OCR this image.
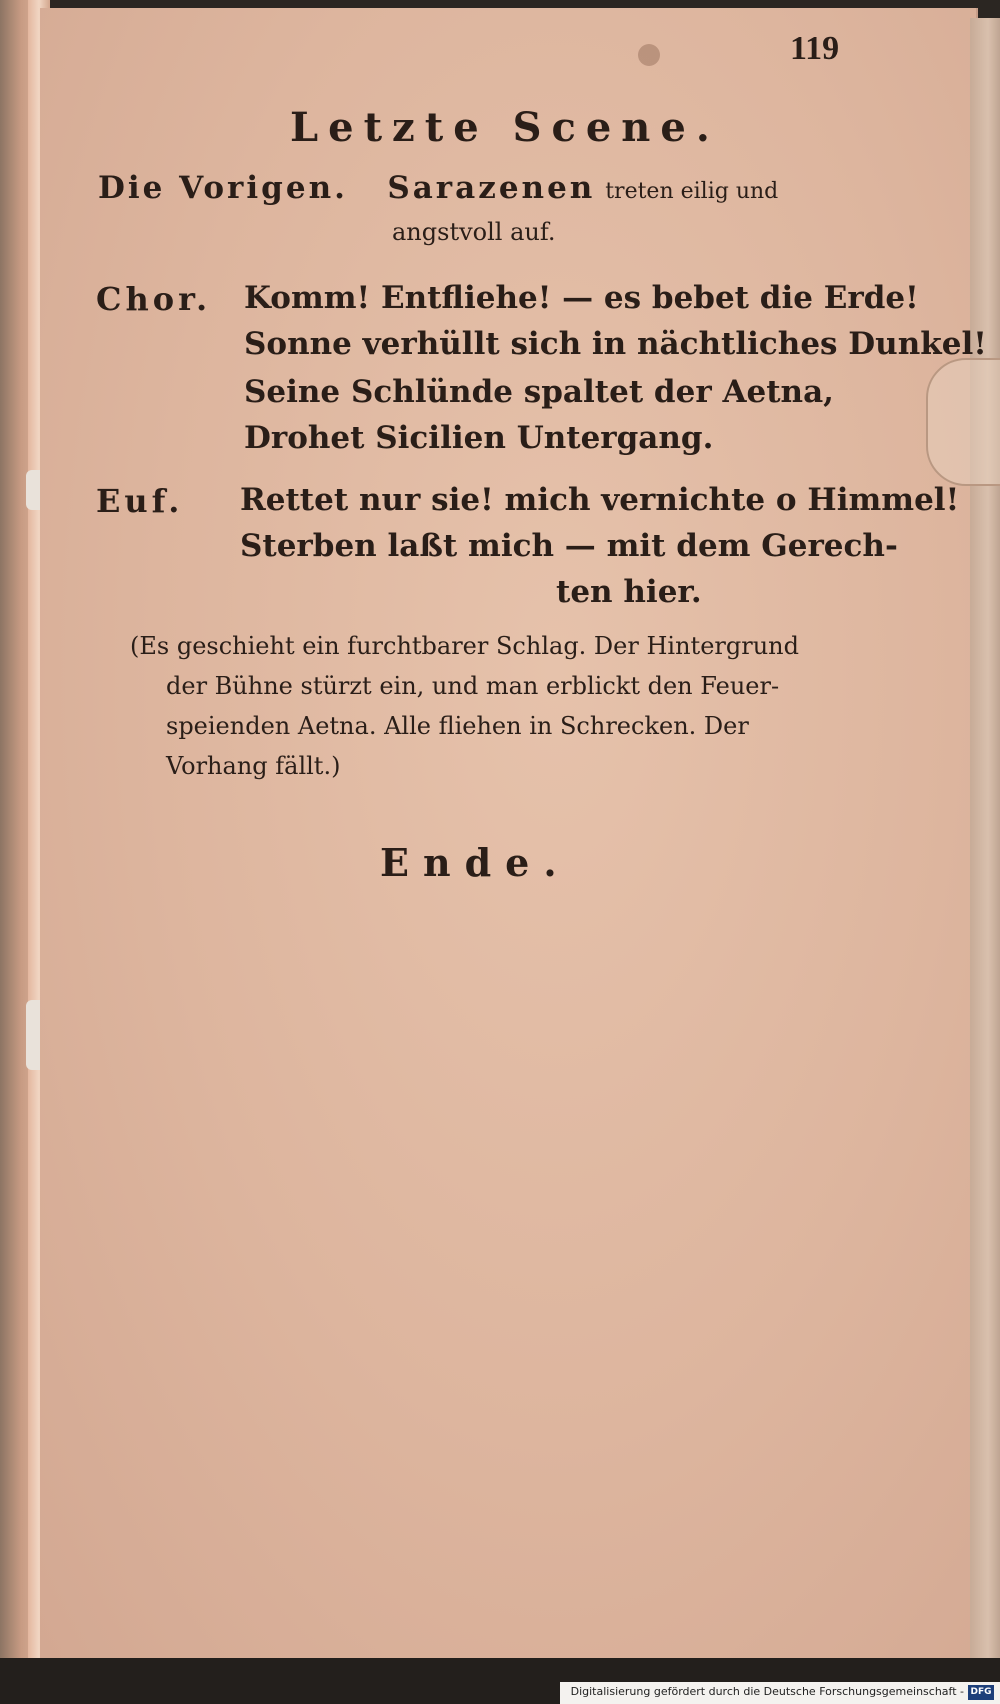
119
Letzte Scene.
Die Vorigen. Sarazenen treten eilig und
angstvoll auf.
Chor. Komm! Entfliehe! — es bebet die Erde!
Sonne verhüllt sich in nächtliches Dunkel!
Seine Schlünde spaltet der Aetna,
Drohet Sicilien Untergang.
Euf. Rettet nur sie! mich vernichte o Himmel!
Sterben laßt mich — mit dem Gerech-
ten hier.
(Es geschieht ein furchtbarer Schlag. Der Hintergrund
der Bühne stürzt ein, und man erblickt den Feuer-
speienden Aetna. Alle fliehen in Schrecken. Der
Vorhang fällt.)
Ende.
Digitalisierung gefördert durch die Deutsche Forschungsgemeinschaft - DFG
